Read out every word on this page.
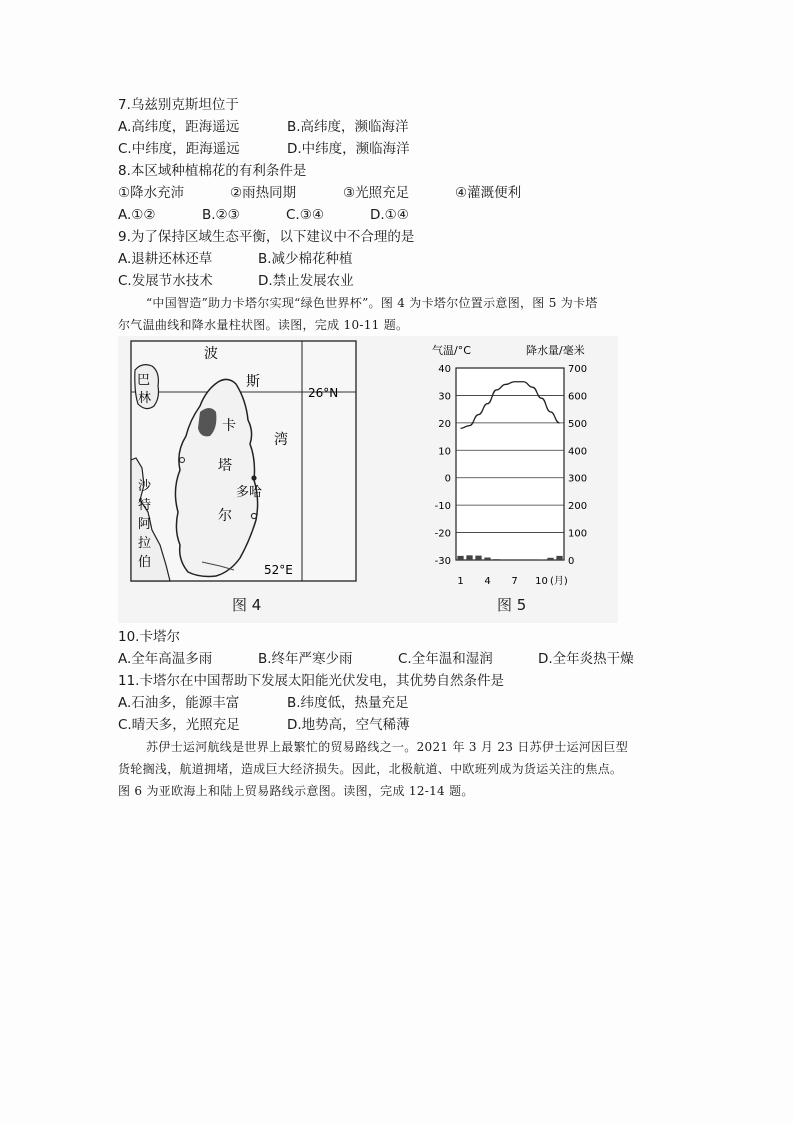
7.乌兹别克斯坦位于
A.高纬度，距海遥远	B.高纬度，濒临海洋
C.中纬度，距海遥远	D.中纬度，濒临海洋
8.本区域种植棉花的有利条件是
①降水充沛	②雨热同期	③光照充足	④灌溉便利
A.①②	B.②③	C.③④	D.①④
9.为了保持区域生态平衡，以下建议中不合理的是
A.退耕还林还草	B.减少棉花种植
C.发展节水技术	D.禁止发展农业
“中国智造”助力卡塔尔实现“绿色世界杯”。图 4 为卡塔尔位置示意图，图 5 为卡塔
尔气温曲线和降水量柱状图。读图，完成 10-11 题。
波
斯
湾
巴
林
卡
塔
多哈
尔
沙
特
阿
拉
伯
26°N
52°E
图 4
气温/°C	降水量/毫米
40
30
20
10
0
-10
-20
-30
700
600
500
400
300
200
100
0
1 4 7 10 (月)
图 5
10.卡塔尔
A.全年高温多雨	B.终年严寒少雨	C.全年温和湿润	D.全年炎热干燥
11.卡塔尔在中国帮助下发展太阳能光伏发电，其优势自然条件是
A.石油多，能源丰富	B.纬度低，热量充足
C.晴天多，光照充足	D.地势高，空气稀薄
苏伊士运河航线是世界上最繁忙的贸易路线之一。2021 年 3 月 23 日苏伊士运河因巨型
货轮搁浅，航道拥堵，造成巨大经济损失。因此，北极航道、中欧班列成为货运关注的焦点。
图 6 为亚欧海上和陆上贸易路线示意图。读图，完成 12-14 题。
